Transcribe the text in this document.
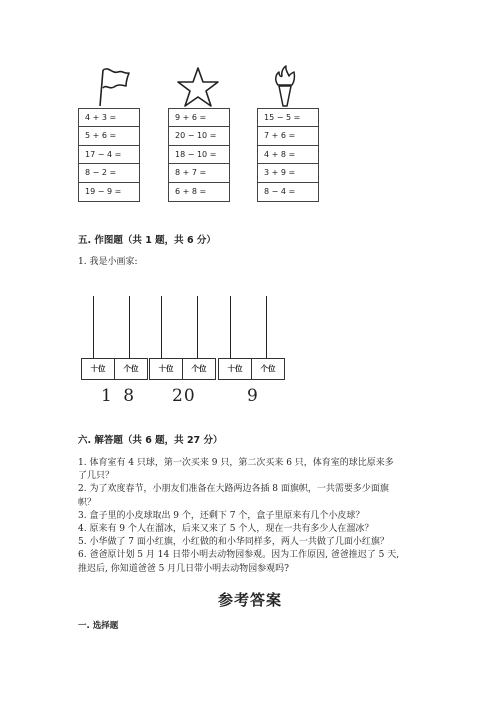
4 + 3 =
5 + 6 =
17 − 4 =
8 − 2 =
19 − 9 =
9 + 6 =
20 − 10 =
18 − 10 =
8 + 7 =
6 + 8 =
15 − 5 =
7 + 6 =
4 + 8 =
3 + 9 =
8 − 4 =
五. 作图题（共 1 题，共 6 分）
1. 我是小画家:
十位	个位
1 8
十位	个位
20
十位	个位
9
六. 解答题（共 6 题，共 27 分）
1. 体育室有 4 只球，第一次买来 9 只，第二次买来 6 只，体育室的球比原来多
了几只？
2. 为了欢度春节，小朋友们准备在大路两边各插 8 面旗帜，一共需要多少面旗
帜？
3. 盒子里的小皮球取出 9 个，还剩下 7 个，盒子里原来有几个小皮球？
4. 原来有 9 个人在溜冰，后来又来了 5 个人，现在一共有多少人在溜冰？
5. 小华做了 7 面小红旗，小红做的和小华同样多，两人一共做了几面小红旗？
6. 爸爸原计划 5 月 14 日带小明去动物园参观。因为工作原因, 爸爸推迟了 5 天,
推迟后, 你知道爸爸 5 月几日带小明去动物园参观吗?
参考答案
一. 选择题
